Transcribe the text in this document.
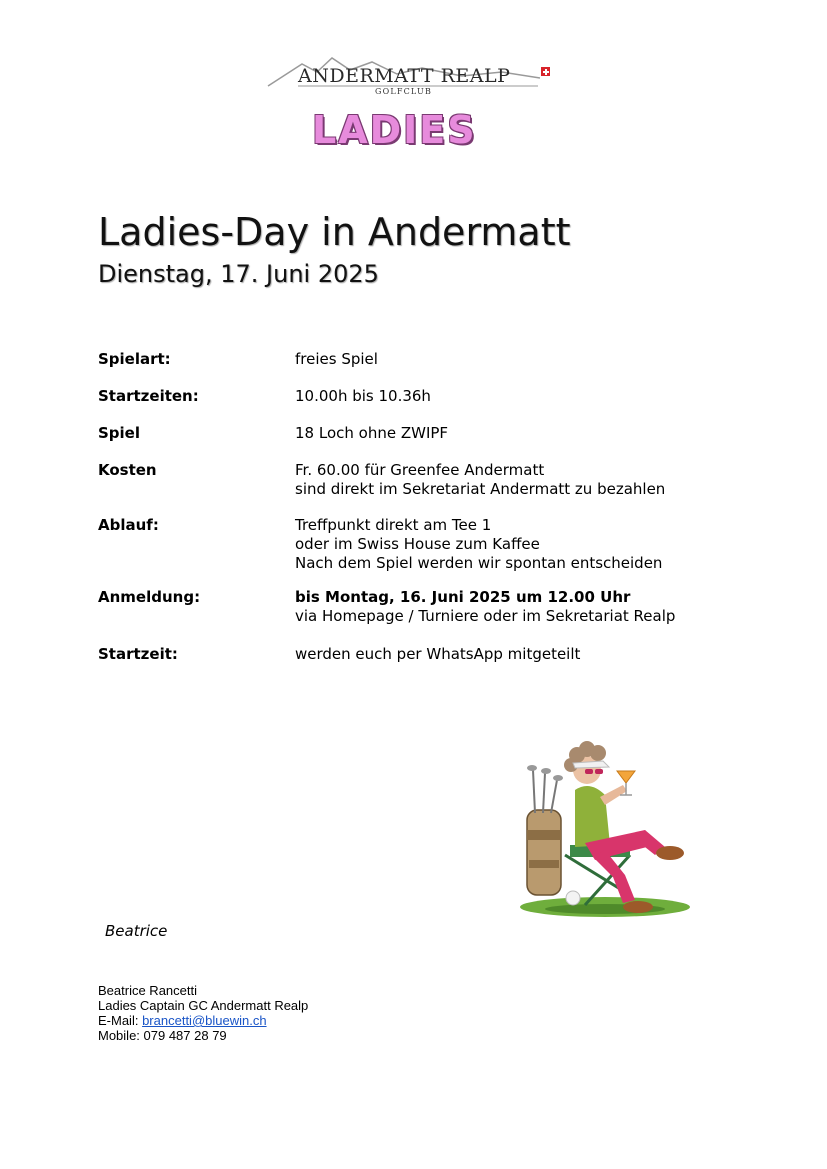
ANDERMATT REALP
GOLFCLUB
LADIES
Ladies-Day in Andermatt
Dienstag, 17. Juni 2025
Spielart:	freies Spiel
Startzeiten:	10.00h bis 10.36h
Spiel	18 Loch ohne ZWIPF
Kosten	Fr. 60.00 für Greenfee Andermatt
sind direkt im Sekretariat Andermatt zu bezahlen
Ablauf:	Treffpunkt direkt am Tee 1
oder im Swiss House zum Kaffee
Nach dem Spiel werden wir spontan entscheiden
Anmeldung:	bis Montag, 16. Juni 2025 um 12.00 Uhr
via Homepage / Turniere oder im Sekretariat Realp
Startzeit:	werden euch per WhatsApp mitgeteilt
Beatrice
Beatrice Rancetti
Ladies Captain GC Andermatt Realp
E-Mail: brancetti@bluewin.ch
Mobile: 079 487 28 79
